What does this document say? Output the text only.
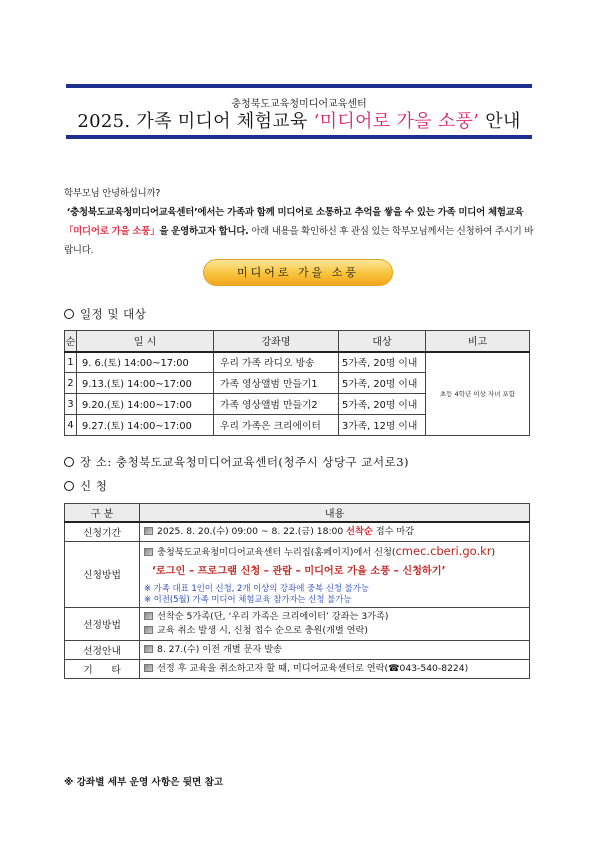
충청북도교육청미디어교육센터
2025. 가족 미디어 체험교육 ‘미디어로 가을 소풍’ 안내

학부모님 안녕하십니까?

‘충청북도교육청미디어교육센터’에서는 가족과 함께 미디어로 소통하고 추억을 쌓을 수 있는 가족 미디어 체험교육 「미디어로 가을 소풍」을 운영하고자 합니다. 아래 내용을 확인하신 후 관심 있는 학부모님께서는 신청하여 주시기 바랍니다.

미디어로 가을 소풍
일정 및 대상
순	일 시	강좌명	대상	비고
1	9. 6.(토) 14:00~17:00	우리 가족 라디오 방송	5가족, 20명 이내	초등 4학년 이상 자녀 포함
2	9.13.(토) 14:00~17:00	가족 영상앨범 만들기1	5가족, 20명 이내	
3	9.20.(토) 14:00~17:00	가족 영상앨범 만들기2	5가족, 20명 이내	
4	9.27.(토) 14:00~17:00	우리 가족은 크리에이터	3가족, 12명 이내	
장 소: 충청북도교육청미디어교육센터(청주시 상당구 교서로3)
신 청
구 분	내용
신청기간	2025. 8. 20.(수) 09:00 ~ 8. 22.(금) 18:00 선착순 접수 마감
신청방법	충청북도교육청미디어교육센터 누리집(홈페이지)에서 신청(cmec.cberi.go.kr)
‘로그인 – 프로그램 신청 – 관람 – 미디어로 가을 소풍 – 신청하기’
※ 가족 대표 1인이 신청, 2개 이상의 강좌에 중복 신청 불가능
※ 이전(5월) 가족 미디어 체험교육 참가자는 신청 불가능

선정방법	선착순 5가족(단, ‘우리 가족은 크리에이터’ 강좌는 3가족)
교육 취소 발생 시, 신청 접수 순으로 충원(개별 연락)

선정안내	8. 27.(수) 이전 개별 문자 발송
기      타	선정 후 교육을 취소하고자 할 때, 미디어교육센터로 연락(☎043-540-8224)
※ 강좌별 세부 운영 사항은 뒷면 참고
